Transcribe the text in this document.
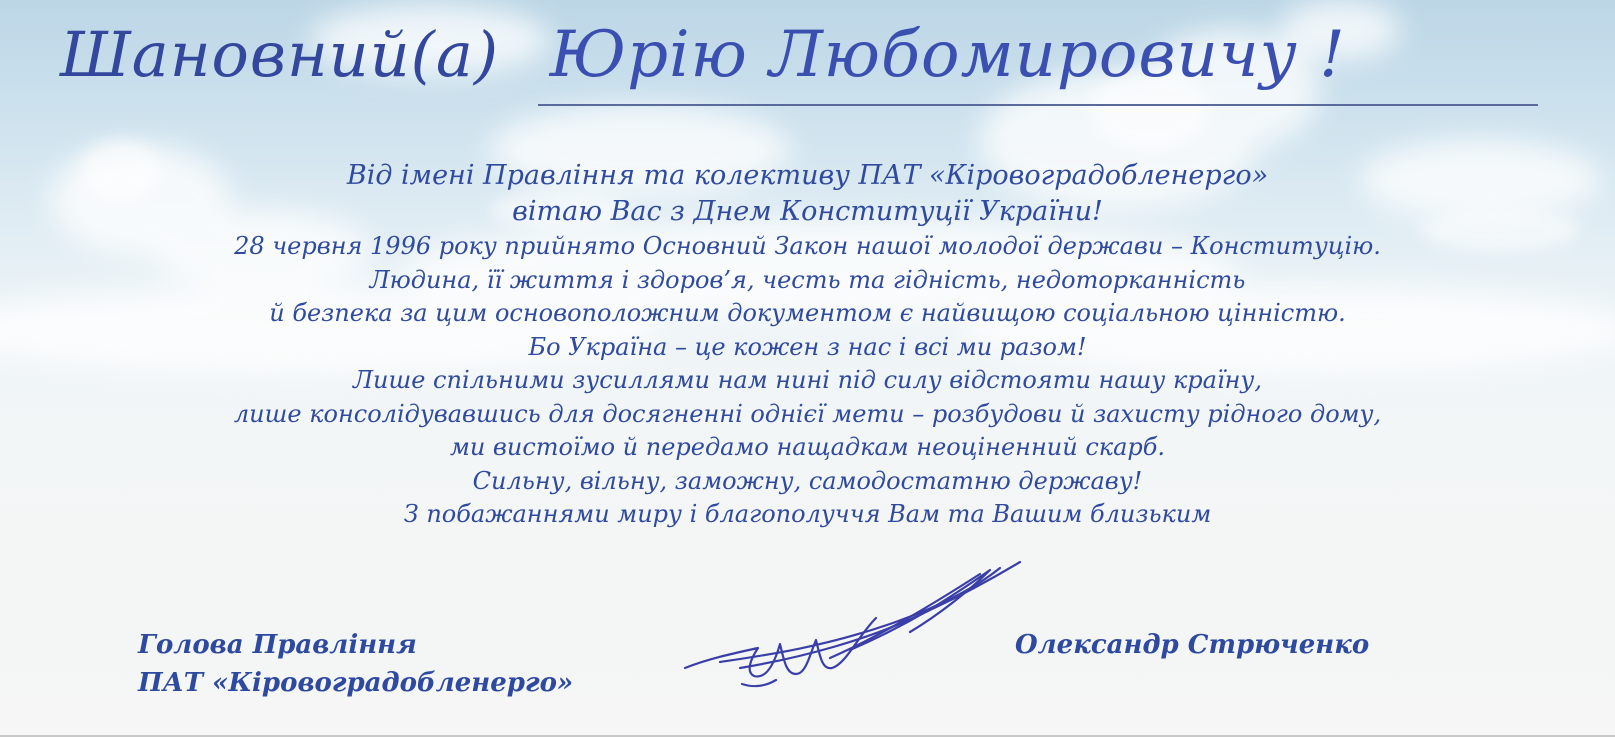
Шановний(а) Юрію Любомировичу !

Від імені Правління та колективу ПАТ «Кіровоградобленерго»

вітаю Вас з Днем Конституції України!

28 червня 1996 року прийнято Основний Закон нашої молодої держави – Конституцію.

Людина, її життя і здоров’я, честь та гідність, недоторканність

й безпека за цим основоположним документом є найвищою соціальною цінністю.

Бо Україна – це кожен з нас і всі ми разом!

Лише спільними зусиллями нам нині під силу відстояти нашу країну,

лише консолідувавшись для досягненні однієї мети – розбудови й захисту рідного дому,

ми вистоїмо й передамо нащадкам неоціненний скарб.

Сильну, вільну, заможну, самодостатню державу!

З побажаннями миру і благополуччя Вам та Вашим близьким

Голова Правління
ПАТ «Кіровоградобленерго»
Олександр Стрюченко
